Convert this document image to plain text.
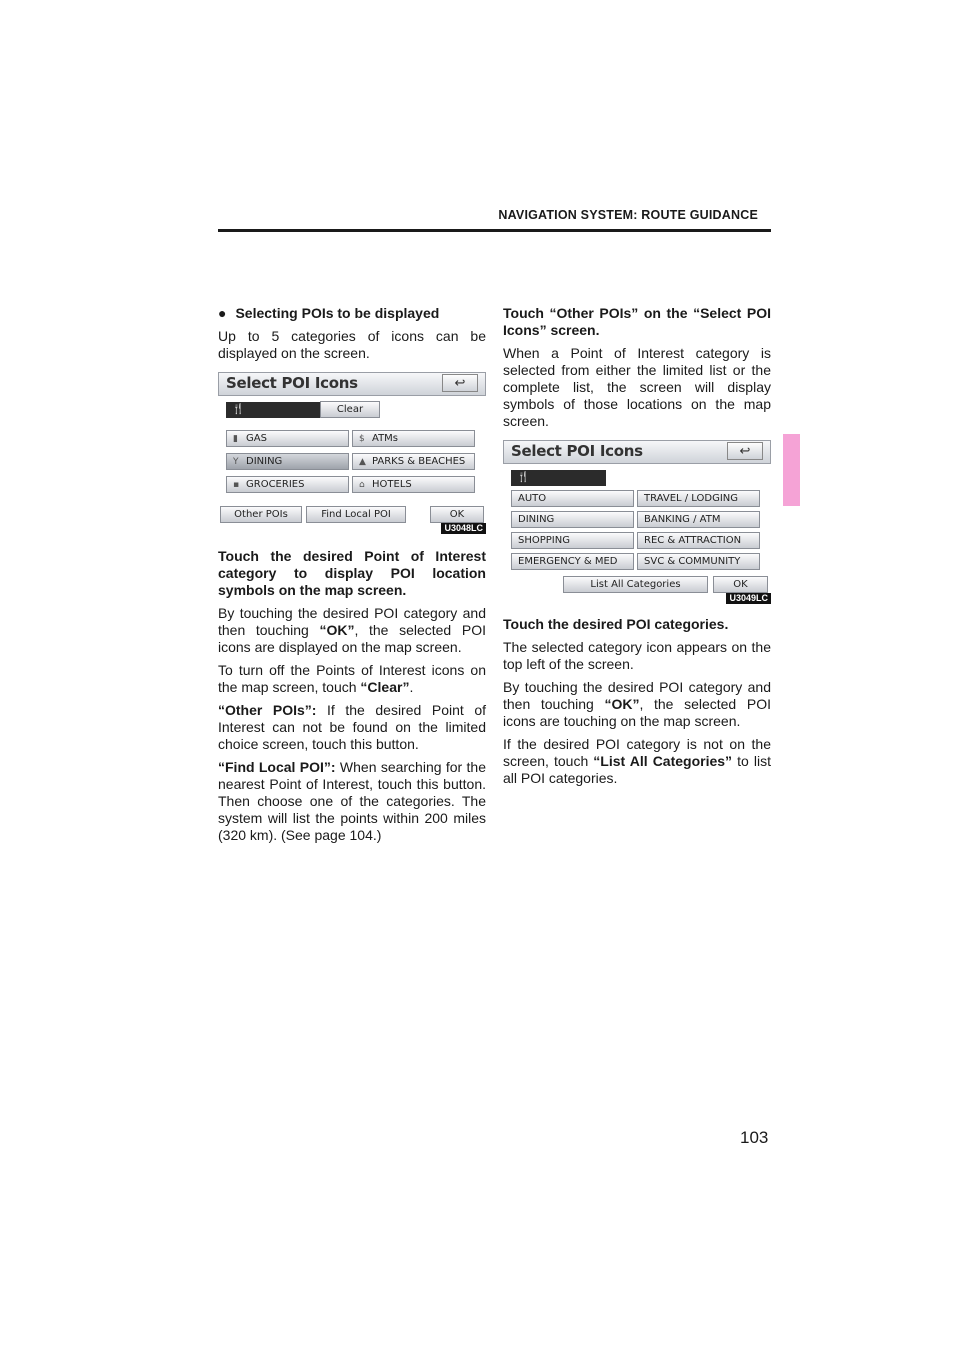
NAVIGATION SYSTEM: ROUTE GUIDANCE

● Selecting POIs to be displayed

Up to 5 categories of icons can be displayed on the screen.

Select POI Icons	↩
🍴	Clear
▮ GAS	$ ATMs
Y DINING	▲ PARKS & BEACHES
▪ GROCERIES	⌂ HOTELS
Other POIs	Find Local POI	OK
U3048LC

Touch the desired Point of Interest category to display POI location symbols on the map screen.

By touching the desired POI category and then touching “OK”, the selected POI icons are displayed on the map screen.

To turn off the Points of Interest icons on the map screen, touch “Clear”.

“Other POIs”: If the desired Point of Interest can not be found on the limited choice screen, touch this button.

“Find Local POI”: When searching for the nearest Point of Interest, touch this button. Then choose one of the categories. The system will list the points within 200 miles (320 km). (See page 104.)

Touch “Other POIs” on the “Select POI Icons” screen.

When a Point of Interest category is selected from either the limited list or the complete list, the screen will display symbols of those locations on the map screen.

Select POI Icons	↩
🍴
AUTO	TRAVEL / LODGING
DINING	BANKING / ATM
SHOPPING	REC & ATTRACTION
EMERGENCY & MED	SVC & COMMUNITY
List All Categories	OK
U3049LC

Touch the desired POI categories.

The selected category icon appears on the top left of the screen.

By touching the desired POI category and then touching “OK”, the selected POI icons are touching on the map screen.

If the desired POI category is not on the screen, touch “List All Categories” to list all POI categories.

103
